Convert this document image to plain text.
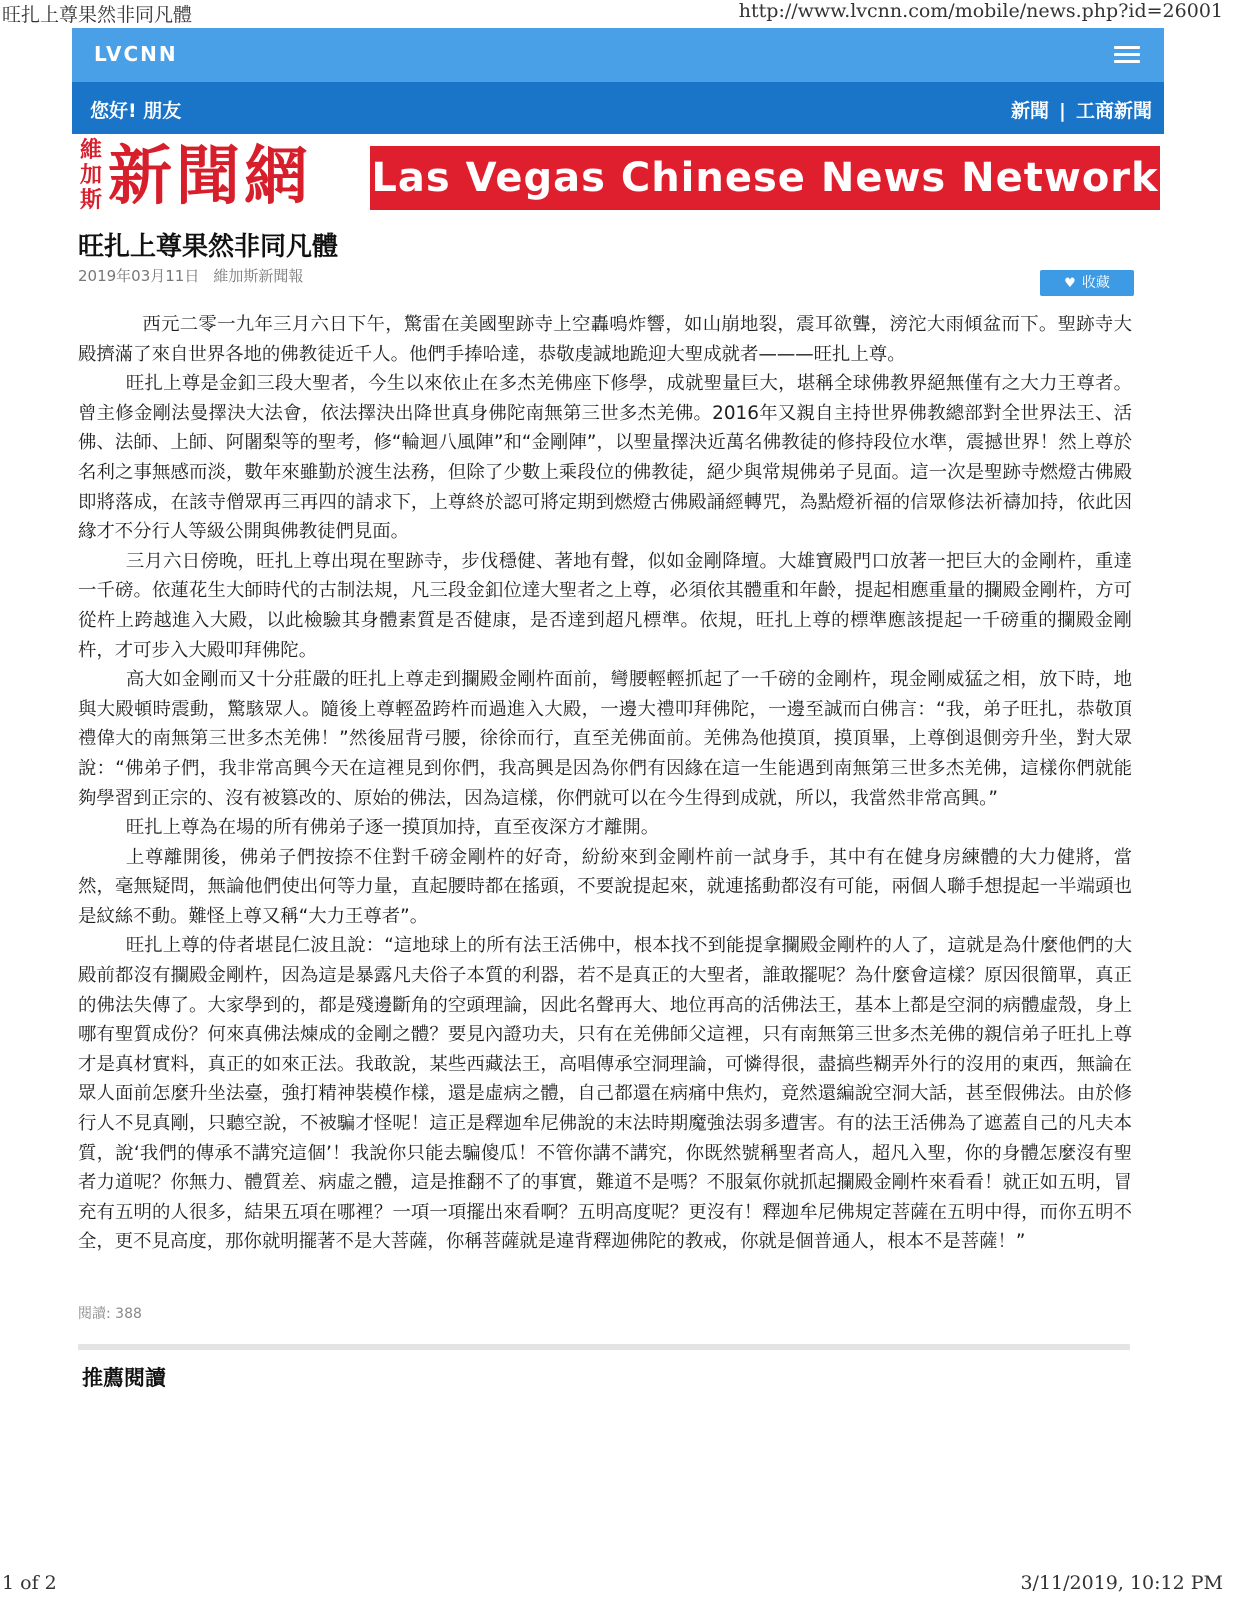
旺扎上尊果然非同凡體	http://www.lvcnn.com/mobile/news.php?id=26001
LVCNN
您好! 朋友	新聞 | 工商新聞
維
加
斯 新聞網 Las Vegas Chinese News Network
旺扎上尊果然非同凡體
2019年03月11日 維加斯新聞報	♥ 收藏

西元二零一九年三月六日下午，驚雷在美國聖跡寺上空轟鳴炸響，如山崩地裂，震耳欲聾，滂沱大雨傾盆而下。聖跡寺大殿擠滿了來自世界各地的佛教徒近千人。他們手捧哈達，恭敬虔誠地跪迎大聖成就者———旺扎上尊。

旺扎上尊是金釦三段大聖者，今生以來依止在多杰羌佛座下修學，成就聖量巨大，堪稱全球佛教界絕無僅有之大力王尊者。曾主修金剛法曼擇決大法會，依法擇決出降世真身佛陀南無第三世多杰羌佛。2016年又親自主持世界佛教總部對全世界法王、活佛、法師、上師、阿闍梨等的聖考，修“輪迴八風陣”和“金剛陣”，以聖量擇決近萬名佛教徒的修持段位水準，震撼世界！然上尊於名利之事無感而淡，數年來雖勤於渡生法務，但除了少數上乘段位的佛教徒，絕少與常規佛弟子見面。這一次是聖跡寺燃燈古佛殿即將落成，在該寺僧眾再三再四的請求下，上尊終於認可將定期到燃燈古佛殿誦經轉咒，為點燈祈福的信眾修法祈禱加持，依此因緣才不分行人等級公開與佛教徒們見面。

三月六日傍晚，旺扎上尊出現在聖跡寺，步伐穩健、著地有聲，似如金剛降壇。大雄寶殿門口放著一把巨大的金剛杵，重達一千磅。依蓮花生大師時代的古制法規，凡三段金釦位達大聖者之上尊，必須依其體重和年齡，提起相應重量的攔殿金剛杵，方可從杵上跨越進入大殿，以此檢驗其身體素質是否健康，是否達到超凡標準。依規，旺扎上尊的標準應該提起一千磅重的攔殿金剛杵，才可步入大殿叩拜佛陀。

高大如金剛而又十分莊嚴的旺扎上尊走到攔殿金剛杵面前，彎腰輕輕抓起了一千磅的金剛杵，現金剛威猛之相，放下時，地與大殿頓時震動，驚駭眾人。隨後上尊輕盈跨杵而過進入大殿，一邊大禮叩拜佛陀，一邊至誠而白佛言：“我，弟子旺扎，恭敬頂禮偉大的南無第三世多杰羌佛！”然後屈背弓腰，徐徐而行，直至羌佛面前。羌佛為他摸頂，摸頂畢，上尊倒退側旁升坐，對大眾說：“佛弟子們，我非常高興今天在這裡見到你們，我高興是因為你們有因緣在這一生能遇到南無第三世多杰羌佛，這樣你們就能夠學習到正宗的、沒有被篡改的、原始的佛法，因為這樣，你們就可以在今生得到成就，所以，我當然非常高興。”

旺扎上尊為在場的所有佛弟子逐一摸頂加持，直至夜深方才離開。

上尊離開後，佛弟子們按捺不住對千磅金剛杵的好奇，紛紛來到金剛杵前一試身手，其中有在健身房練體的大力健將，當然，毫無疑問，無論他們使出何等力量，直起腰時都在搖頭，不要說提起來，就連搖動都沒有可能，兩個人聯手想提起一半端頭也是紋絲不動。難怪上尊又稱“大力王尊者”。

旺扎上尊的侍者堪昆仁波且說：“這地球上的所有法王活佛中，根本找不到能提拿攔殿金剛杵的人了，這就是為什麼他們的大殿前都沒有攔殿金剛杵，因為這是暴露凡夫俗子本質的利器，若不是真正的大聖者，誰敢擺呢？為什麼會這樣？原因很簡單，真正的佛法失傳了。大家學到的，都是殘邊斷角的空頭理論，因此名聲再大、地位再高的活佛法王，基本上都是空洞的病體虛殼，身上哪有聖質成份？何來真佛法煉成的金剛之體？要見內證功夫，只有在羌佛師父這裡，只有南無第三世多杰羌佛的親信弟子旺扎上尊才是真材實料，真正的如來正法。我敢說，某些西藏法王，高唱傳承空洞理論，可憐得很，盡搞些糊弄外行的沒用的東西，無論在眾人面前怎麼升坐法臺，強打精神裝模作樣，還是虛病之體，自己都還在病痛中焦灼，竟然還編說空洞大話，甚至假佛法。由於修行人不見真剛，只聽空說，不被騙才怪呢！這正是釋迦牟尼佛說的末法時期魔強法弱多遭害。有的法王活佛為了遮蓋自己的凡夫本質，說‘我們的傳承不講究這個’！我說你只能去騙傻瓜！不管你講不講究，你既然號稱聖者高人，超凡入聖，你的身體怎麼沒有聖者力道呢？你無力、體質差、病虛之體，這是推翻不了的事實，難道不是嗎？不服氣你就抓起攔殿金剛杵來看看！就正如五明，冒充有五明的人很多，結果五項在哪裡？一項一項擺出來看啊？五明高度呢？更沒有！釋迦牟尼佛規定菩薩在五明中得，而你五明不全，更不見高度，那你就明擺著不是大菩薩，你稱菩薩就是違背釋迦佛陀的教戒，你就是個普通人，根本不是菩薩！”

閱讀: 388
推薦閱讀
1 of 2	3/11/2019, 10:12 PM
